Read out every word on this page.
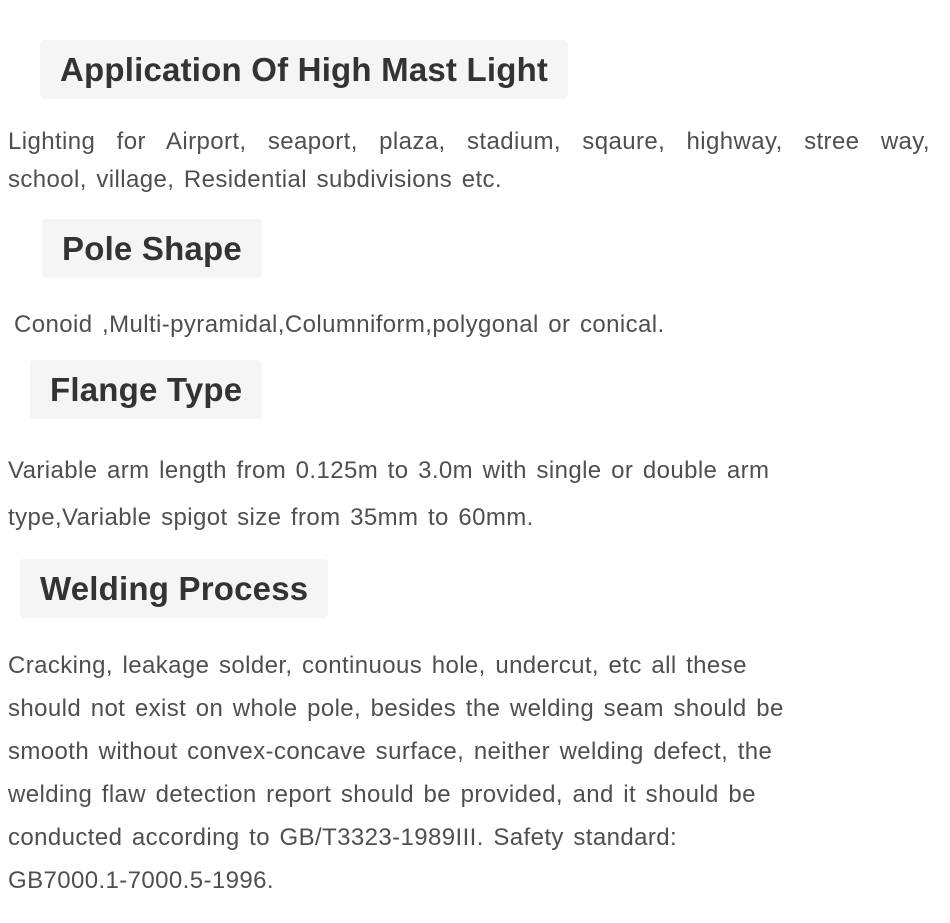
Application Of High Mast Light

Lighting for Airport, seaport, plaza, stadium, sqaure, highway, stree way,
school, village, Residential subdivisions etc.

Pole Shape

Conoid ,Multi-pyramidal,Columniform,polygonal or conical.

Flange Type

Variable arm length from 0.125m to 3.0m with single or double arm
type,Variable spigot size from 35mm to 60mm.

Welding Process

Cracking, leakage solder, continuous hole, undercut, etc all these
should not exist on whole pole, besides the welding seam should be
smooth without convex-concave surface, neither welding defect, the
welding flaw detection report should be provided, and it should be
conducted according to GB/T3323-1989III. Safety standard:
GB7000.1-7000.5-1996.
